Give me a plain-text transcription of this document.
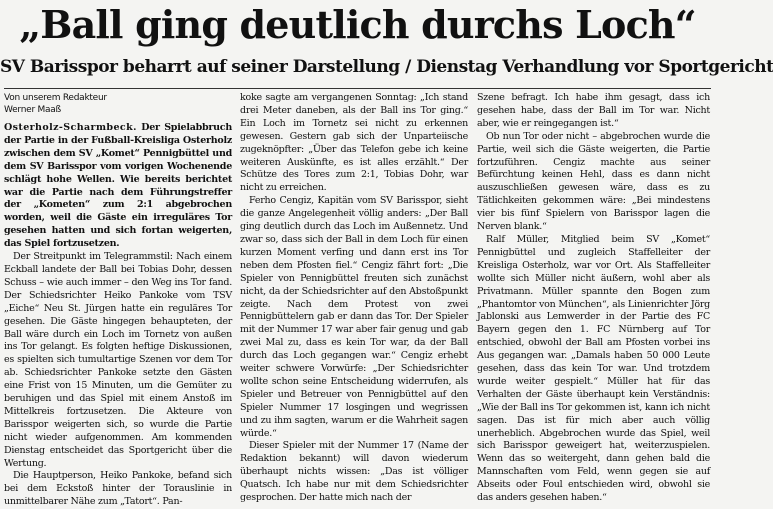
„Ball ging deutlich durchs Loch“
SV Barisspor beharrt auf seiner Darstellung / Dienstag Verhandlung vor Sportgericht
Von unserem Redakteur
Werner Maaß

Osterholz-Scharmbeck. Der Spielabbruch der Partie in der Fußball-Kreisliga Osterholz zwischen dem SV „Komet“ Pennigbüttel und dem SV Barisspor vom vorigen Wochenende schlägt hohe Wellen. Wie bereits berichtet war die Partie nach dem Führungstreffer der „Kometen“ zum 2:1 abgebrochen worden, weil die Gäste ein irreguläres Tor gesehen hatten und sich fortan weigerten, das Spiel fortzusetzen.

Der Streitpunkt im Telegrammstil: Nach einem Eckball landete der Ball bei Tobias Dohr, dessen Schuss – wie auch immer – den Weg ins Tor fand. Der Schiedsrichter Heiko Pankoke vom TSV „Eiche“ Neu St. Jürgen hatte ein reguläres Tor gesehen. Die Gäste hingegen behaupteten, der Ball wäre durch ein Loch im Tornetz von außen ins Tor gelangt. Es folgten heftige Diskussionen, es spielten sich tumultartige Szenen vor dem Tor ab. Schiedsrichter Pankoke setzte den Gästen eine Frist von 15 Minuten, um die Gemüter zu beruhigen und das Spiel mit einem Anstoß im Mittelkreis fortzusetzen. Die Akteure von Barisspor weigerten sich, so wurde die Partie nicht wieder aufgenommen. Am kommenden Dienstag entscheidet das Sportgericht über die Wertung.

Die Hauptperson, Heiko Pankoke, befand sich bei dem Eckstoß hinter der Torauslinie in unmittelbarer Nähe zum „Tatort“. Pan-

koke sagte am vergangenen Sonntag: „Ich stand drei Meter daneben, als der Ball ins Tor ging.“ Ein Loch im Tornetz sei nicht zu erkennen gewesen. Gestern gab sich der Unparteiische zugeknöpfter: „Über das Telefon gebe ich keine weiteren Auskünfte, es ist alles erzählt.“ Der Schütze des Tores zum 2:1, Tobias Dohr, war nicht zu erreichen.

Ferho Cengiz, Kapitän vom SV Barisspor, sieht die ganze Angelegenheit völlig anders: „Der Ball ging deutlich durch das Loch im Außennetz. Und zwar so, dass sich der Ball in dem Loch für einen kurzen Moment verfing und dann erst ins Tor neben dem Pfosten fiel.“ Cengiz fährt fort: „Die Spieler von Pennigbüttel freuten sich zunächst nicht, da der Schiedsrichter auf den Abstoßpunkt zeigte. Nach dem Protest von zwei Pennigbüttelern gab er dann das Tor. Der Spieler mit der Nummer 17 war aber fair genug und gab zwei Mal zu, dass es kein Tor war, da der Ball durch das Loch gegangen war.“ Cengiz erhebt weiter schwere Vorwürfe: „Der Schiedsrichter wollte schon seine Entscheidung widerrufen, als Spieler und Betreuer von Pennigbüttel auf den Spieler Nummer 17 losgingen und wegrissen und zu ihm sagten, warum er die Wahrheit sagen würde.“

Dieser Spieler mit der Nummer 17 (Name der Redaktion bekannt) will davon wiederum überhaupt nichts wissen: „Das ist völliger Quatsch. Ich habe nur mit dem Schiedsrichter gesprochen. Der hatte mich nach der

Szene befragt. Ich habe ihm gesagt, dass ich gesehen habe, dass der Ball im Tor war. Nicht aber, wie er reingegangen ist.“

Ob nun Tor oder nicht – abgebrochen wurde die Partie, weil sich die Gäste weigerten, die Partie fortzuführen. Cengiz machte aus seiner Befürchtung keinen Hehl, dass es dann nicht auszuschließen gewesen wäre, dass es zu Tätlichkeiten gekommen wäre: „Bei mindestens vier bis fünf Spielern von Barisspor lagen die Nerven blank.“

Ralf Müller, Mitglied beim SV „Komet“ Pennigbüttel und zugleich Staffelleiter der Kreisliga Osterholz, war vor Ort. Als Staffelleiter wollte sich Müller nicht äußern, wohl aber als Privatmann. Müller spannte den Bogen zum „Phantomtor von München“, als Linienrichter Jörg Jablonski aus Lemwerder in der Partie des FC Bayern gegen den 1. FC Nürnberg auf Tor entschied, obwohl der Ball am Pfosten vorbei ins Aus gegangen war. „Damals haben 50 000 Leute gesehen, dass das kein Tor war. Und trotzdem wurde weiter gespielt.“ Müller hat für das Verhalten der Gäste überhaupt kein Verständnis: „Wie der Ball ins Tor gekommen ist, kann ich nicht sagen. Das ist für mich aber auch völlig unerheblich. Abgebrochen wurde das Spiel, weil sich Barisspor geweigert hat, weiterzuspielen. Wenn das so weitergeht, dann gehen bald die Mannschaften vom Feld, wenn gegen sie auf Abseits oder Foul entschieden wird, obwohl sie das anders gesehen haben.“
